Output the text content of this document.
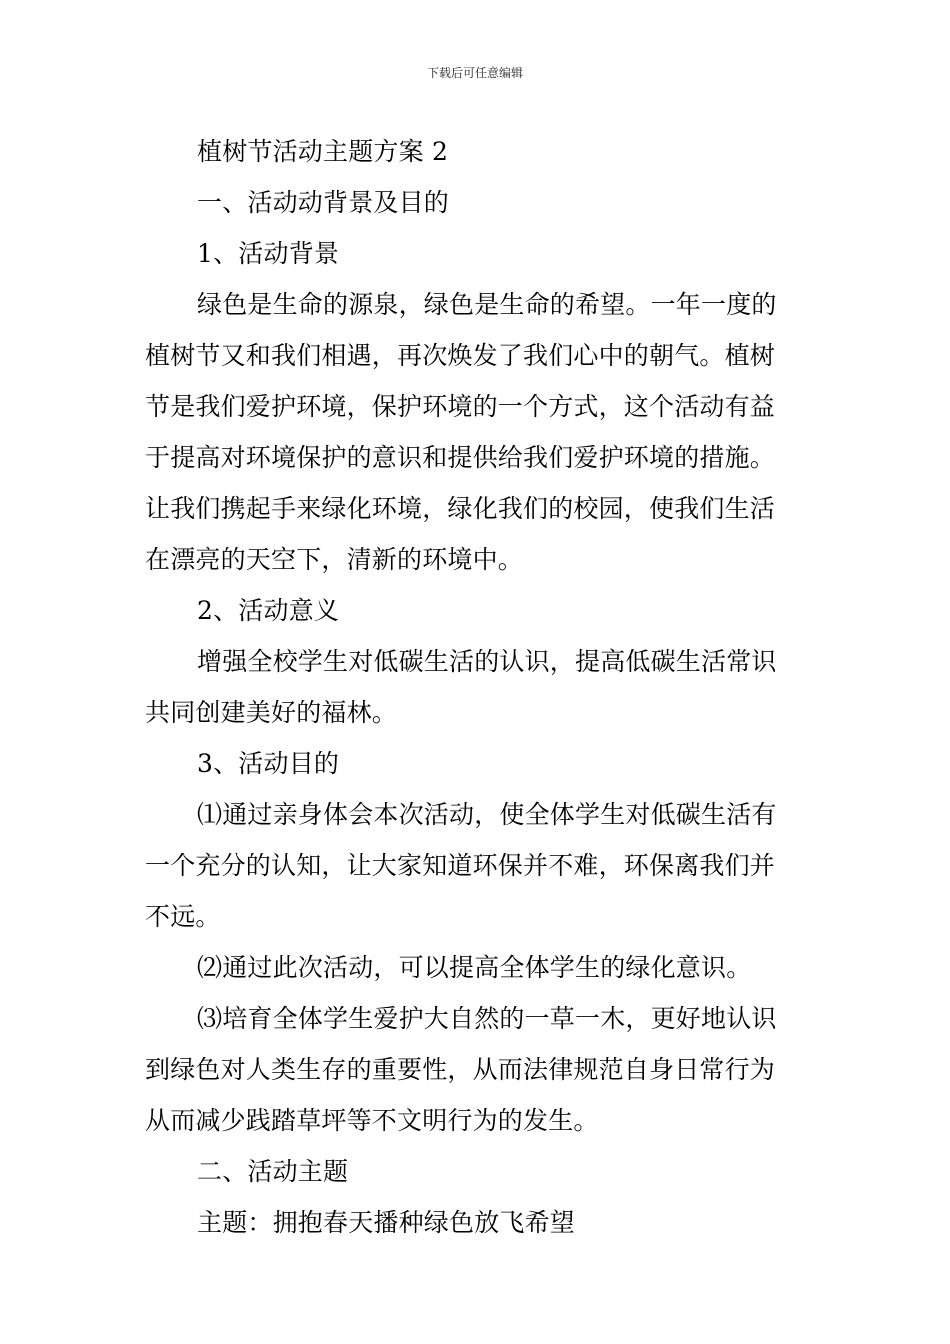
下载后可任意编辑
植树节活动主题方案 2
一、活动动背景及目的
1、活动背景
绿色是生命的源泉，绿色是生命的希望。一年一度的
植树节又和我们相遇，再次焕发了我们心中的朝气。植树
节是我们爱护环境，保护环境的一个方式，这个活动有益
于提高对环境保护的意识和提供给我们爱护环境的措施。
让我们携起手来绿化环境，绿化我们的校园，使我们生活
在漂亮的天空下，清新的环境中。
2、活动意义
增强全校学生对低碳生活的认识，提高低碳生活常识
共同创建美好的福林。
3、活动目的
⑴通过亲身体会本次活动，使全体学生对低碳生活有
一个充分的认知，让大家知道环保并不难，环保离我们并
不远。
⑵通过此次活动，可以提高全体学生的绿化意识。
⑶培育全体学生爱护大自然的一草一木，更好地认识
到绿色对人类生存的重要性，从而法律规范自身日常行为
从而减少践踏草坪等不文明行为的发生。
二、活动主题
主题：拥抱春天播种绿色放飞希望
